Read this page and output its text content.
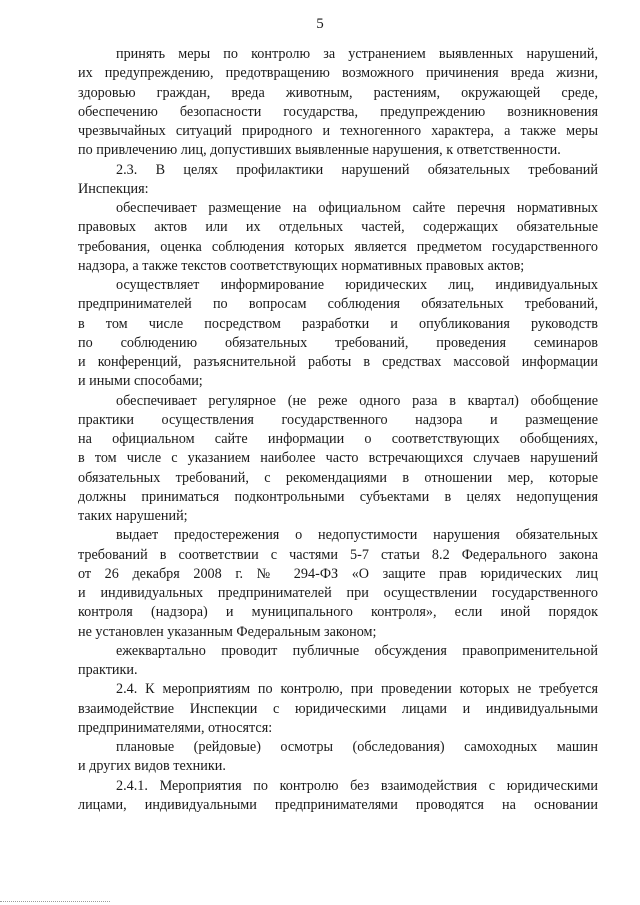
5
принять меры по контролю за устранением выявленных нарушений,
их предупреждению, предотвращению возможного причинения вреда жизни,
здоровью граждан, вреда животным, растениям, окружающей среде,
обеспечению безопасности государства, предупреждению возникновения
чрезвычайных ситуаций природного и техногенного характера, а также меры
по привлечению лиц, допустивших выявленные нарушения, к ответственности.
2.3. В целях профилактики нарушений обязательных требований
Инспекция:
обеспечивает размещение на официальном сайте перечня нормативных
правовых актов или их отдельных частей, содержащих обязательные
требования, оценка соблюдения которых является предметом государственного
надзора, а также текстов соответствующих нормативных правовых актов;
осуществляет информирование юридических лиц, индивидуальных
предпринимателей по вопросам соблюдения обязательных требований,
в том числе посредством разработки и опубликования руководств
по соблюдению обязательных требований, проведения семинаров
и конференций, разъяснительной работы в средствах массовой информации
и иными способами;
обеспечивает регулярное (не реже одного раза в квартал) обобщение
практики осуществления государственного надзора и размещение
на официальном сайте информации о соответствующих обобщениях,
в том числе с указанием наиболее часто встречающихся случаев нарушений
обязательных требований, с рекомендациями в отношении мер, которые
должны приниматься подконтрольными субъектами в целях недопущения
таких нарушений;
выдает предостережения о недопустимости нарушения обязательных
требований в соответствии с частями 5-7 статьи 8.2 Федерального закона
от 26 декабря 2008 г. № 294-ФЗ «О защите прав юридических лиц
и индивидуальных предпринимателей при осуществлении государственного
контроля (надзора) и муниципального контроля», если иной порядок
не установлен указанным Федеральным законом;
ежеквартально проводит публичные обсуждения правоприменительной
практики.
2.4. К мероприятиям по контролю, при проведении которых не требуется
взаимодействие Инспекции с юридическими лицами и индивидуальными
предпринимателями, относятся:
плановые (рейдовые) осмотры (обследования) самоходных машин
и других видов техники.
2.4.1. Мероприятия по контролю без взаимодействия с юридическими
лицами, индивидуальными предпринимателями проводятся на основании
